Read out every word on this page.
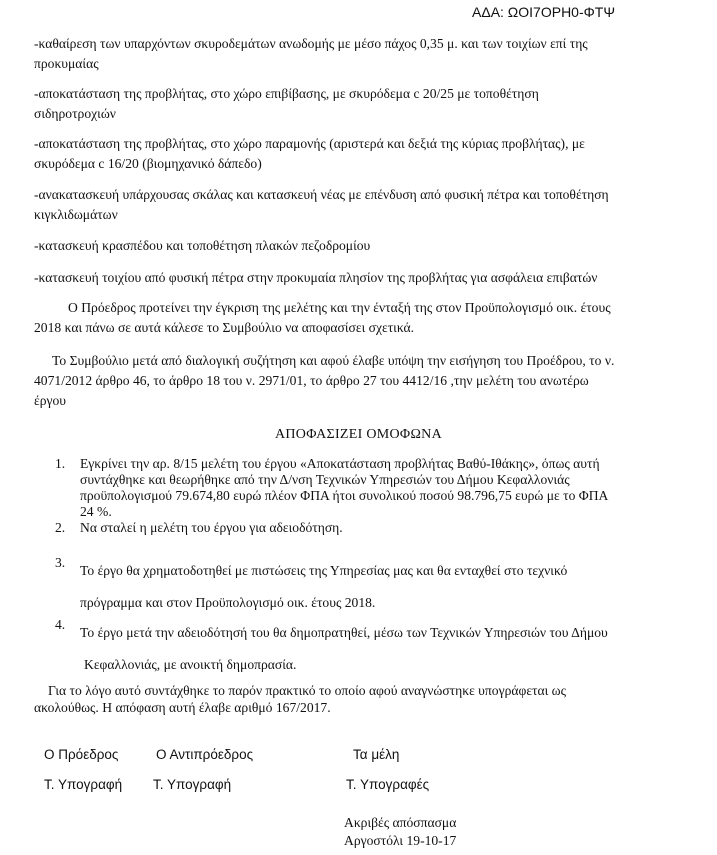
ΑΔΑ: ΩΟΙ7ΟΡΗ0-ΦΤΨ

-καθαίρεση των υπαρχόντων σκυροδεμάτων ανωδομής με μέσο πάχος 0,35 μ. και των τοιχίων επί της
προκυμαίας

-αποκατάσταση της προβλήτας, στο χώρο επιβίβασης, με σκυρόδεμα c 20/25 με τοποθέτηση
σιδηροτροχιών

-αποκατάσταση της προβλήτας, στο χώρο παραμονής (αριστερά και δεξιά της κύριας προβλήτας), με
σκυρόδεμα c 16/20 (βιομηχανικό δάπεδο)

-ανακατασκευή υπάρχουσας σκάλας και κατασκευή νέας με επένδυση από φυσική πέτρα και τοποθέτηση
κιγκλιδωμάτων

-κατασκευή κρασπέδου και τοποθέτηση πλακών πεζοδρομίου

-κατασκευή τοιχίου από φυσική πέτρα στην προκυμαία πλησίον της προβλήτας για ασφάλεια επιβατών

Ο Πρόεδρος προτείνει την έγκριση της μελέτης και την ένταξή της στον Προϋπολογισμό οικ. έτους
2018 και πάνω σε αυτά κάλεσε το Συμβούλιο να αποφασίσει σχετικά.

Το Συμβούλιο μετά από διαλογική συζήτηση και αφού έλαβε υπόψη την εισήγηση του Προέδρου, το ν.
4071/2012 άρθρο 46, το άρθρο 18 του ν. 2971/01, το άρθρο 27 του 4412/16 ,την μελέτη του ανωτέρω
έργου

ΑΠΟΦΑΣΙΖΕΙ ΟΜΟΦΩΝΑ
1. Εγκρίνει την αρ. 8/15 μελέτη του έργου «Αποκατάσταση προβλήτας Βαθύ-Ιθάκης», όπως αυτή
συντάχθηκε και θεωρήθηκε από την Δ/νση Τεχνικών Υπηρεσιών του Δήμου Κεφαλλονιάς
προϋπολογισμού 79.674,80 ευρώ πλέον ΦΠΑ ήτοι συνολικού ποσού 98.796,75 ευρώ με το ΦΠΑ
24 %.
2. Να σταλεί η μελέτη του έργου για αδειοδότηση.
3.
Το έργο θα χρηματοδοτηθεί με πιστώσεις της Υπηρεσίας μας και θα ενταχθεί στο τεχνικό
πρόγραμμα και στον Προϋπολογισμό οικ. έτους 2018.
4.
Το έργο μετά την αδειοδότησή του θα δημοπρατηθεί, μέσω των Τεχνικών Υπηρεσιών του Δήμου
Κεφαλλονιάς, με ανοικτή δημοπρασία.
Για το λόγο αυτό συντάχθηκε το παρόν πρακτικό το οποίο αφού αναγνώστηκε υπογράφεται ως
ακολούθως. Η απόφαση αυτή έλαβε αριθμό 167/2017.
Ο Πρόεδρος	Ο Αντιπρόεδρος	Τα μέλη
Τ. Υπογραφή Τ. Υπογραφή	Τ. Υπογραφές
Ακριβές απόσπασμα
Αργοστόλι 19-10-17
